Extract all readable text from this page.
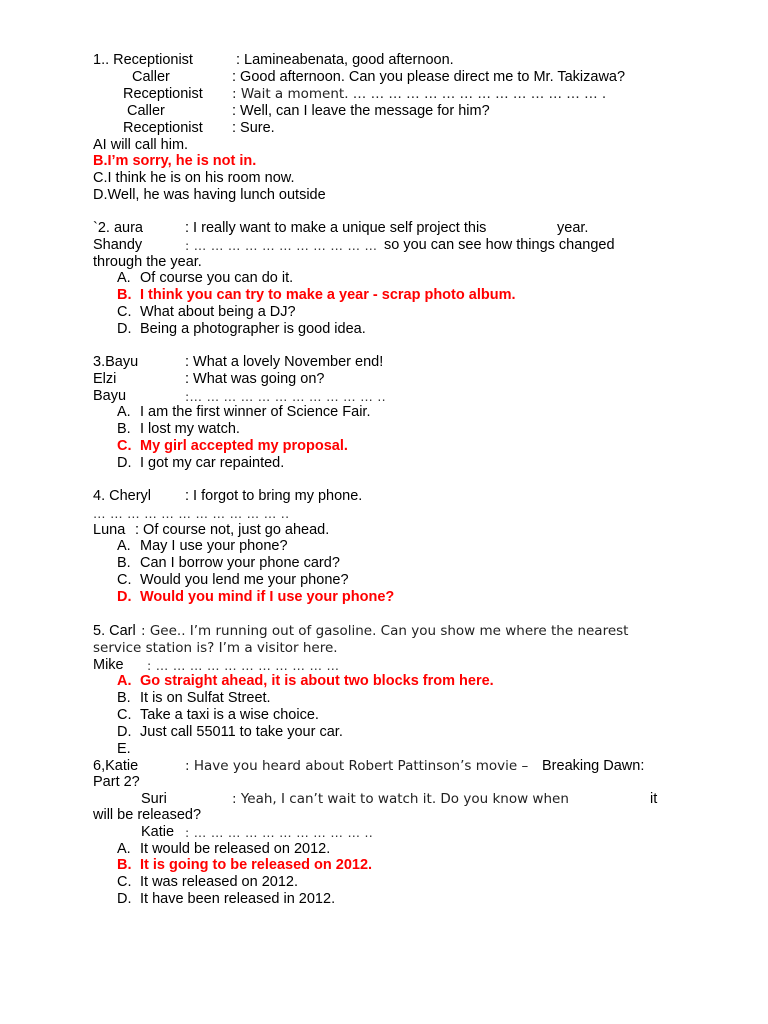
1.. Receptionist	: Lamineabenata, good afternoon.
Caller	: Good afternoon. Can you please direct me to Mr. Takizawa?
Receptionist : Wait a moment. … … … … … … … … … … … … … … .
Caller	: Well, can I leave the message for him?
Receptionist : Sure.
AI will call him.
B.I’m sorry, he is not in.
C.I think he is on his room now.
D.Well, he was having lunch outside
`2. aura	: I really want to make a unique self project this	year.
Shandy	: … … … … … … … … … … … so you can see how things changed
through the year.
A. Of course you can do it.
B. I think you can try to make a year - scrap photo album.
C. What about being a DJ?
D. Being a photographer is good idea.
3.Bayu	: What a lovely November end!
Elzi	: What was going on?
Bayu	:… … … … … … … … … … … ..
A. I am the first winner of Science Fair.
B. I lost my watch.
C. My girl accepted my proposal.
D. I got my car repainted.
4. Cheryl : I forgot to bring my phone.
… … … … … … … … … … … ..
Luna : Of course not, just go ahead.
A. May I use your phone?
B. Can I borrow your phone card?
C. Would you lend me your phone?
D. Would you mind if I use your phone?
5. Carl : Gee.. I’m running out of gasoline. Can you show me where the nearest
service station is? I’m a visitor here.
Mike : … … … … … … … … … … …
A. Go straight ahead, it is about two blocks from here.
B. It is on Sulfat Street.
C. Take a taxi is a wise choice.
D. Just call 55011 to take your car.
E.
6,Katie	: Have you heard about Robert Pattinson’s movie – Breaking Dawn:
Part 2?
Suri	: Yeah, I can’t wait to watch it. Do you know when	it
will be released?
Katie : … … … … … … … … … … ..
A. It would be released on 2012.
B. It is going to be released on 2012.
C. It was released on 2012.
D. It have been released in 2012.
